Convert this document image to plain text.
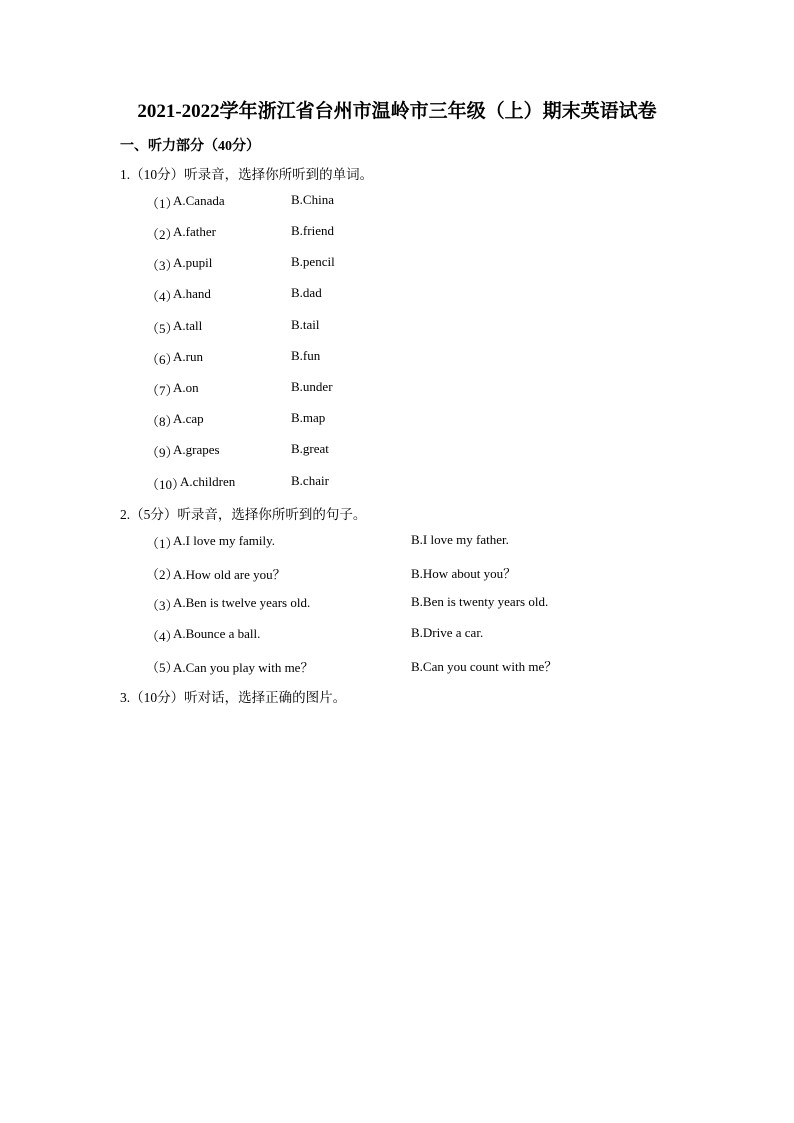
2021-2022学年浙江省台州市温岭市三年级（上）期末英语试卷
一、听力部分（40分）
1.（10分）听录音，选择你所听到的单词。
（1）
A.Canada	B.China
（2）
A.father	B.friend
（3）
A.pupil	B.pencil
（4）
A.hand	B.dad
（5）
A.tall	B.tail
（6）
A.run	B.fun
（7）
A.on	B.under
（8）
A.cap	B.map
（9）
A.grapes	B.great
（10）
A.children	B.chair
2.（5分）听录音，选择你所听到的句子。
（1）
A.I love my family.	B.I love my father.
（2）
A.How old are you？	B.How about you？
（3）
A.Ben is twelve years old.	B.Ben is twenty years old.
（4）
A.Bounce a ball.	B.Drive a car.
（5）
A.Can you play with me？	B.Can you count with me？
3.（10分）听对话，选择正确的图片。
